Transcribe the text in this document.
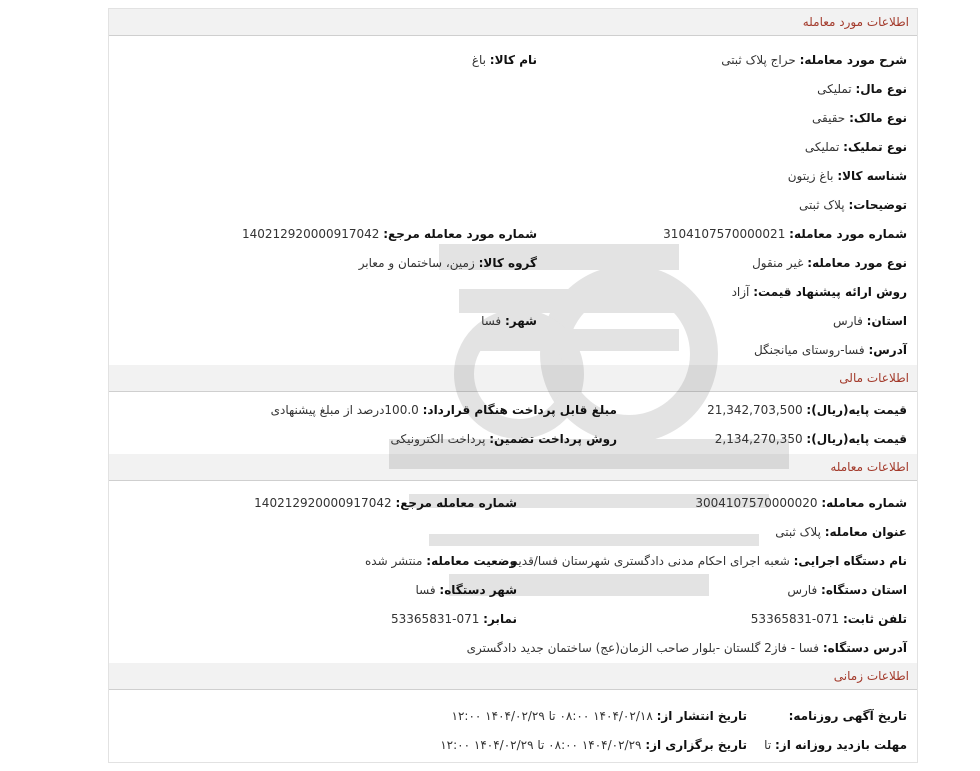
اطلاعات مورد معامله
شرح مورد معامله: حراج پلاک ثبتی
نام کالا: باغ
نوع مال: تملیکی
نوع مالک: حقیقی
نوع تملیک: تملیکی
شناسه کالا: باغ زیتون
توضیحات: پلاک ثبتی
شماره مورد معامله: 3104107570000021
شماره مورد معامله مرجع: 14021292000091704​2
نوع مورد معامله: غیر منقول
گروه کالا: زمین، ساختمان و معابر
روش ارائه پیشنهاد قیمت: آزاد
استان: فارس
شهر: فسا
آدرس: فسا-روستای میانجنگل
اطلاعات مالی
قیمت پایه(ریال): 21,342,703,500
مبلغ قابل پرداخت هنگام قرارداد: 100.0درصد از مبلغ پیشنهادی
قیمت پایه(ریال): 2,134,270,350
روش پرداخت تضمین: پرداخت الکترونیکی
اطلاعات معامله
شماره معامله: 3004107570000020
شماره معامله مرجع: 140212920000917042
عنوان معامله: پلاک ثبتی
نام دستگاه اجرایی: شعبه اجرای احکام مدنی دادگستری شهرستان فسا/قدیم
وضعیت معامله: منتشر شده
استان دستگاه: فارس
شهر دستگاه: فسا
تلفن ثابت: 071-53365831
نمابر: 071-53365831
آدرس دستگاه: فسا - فاز2 گلستان -بلوار صاحب الزمان(عج) ساختمان جدید دادگستری
اطلاعات زمانی
تاریخ آگهی روزنامه:
تاریخ انتشار از: ۱۴۰۴/۰۲/۱۸ ۰۸:۰۰ تا ۱۴۰۴/۰۲/۲۹ ۱۲:۰۰
مهلت بازدید روزانه از: تا
تاریخ برگزاری از: ۱۴۰۴/۰۲/۲۹ ۰۸:۰۰ تا ۱۴۰۴/۰۲/۲۹ ۱۲:۰۰
